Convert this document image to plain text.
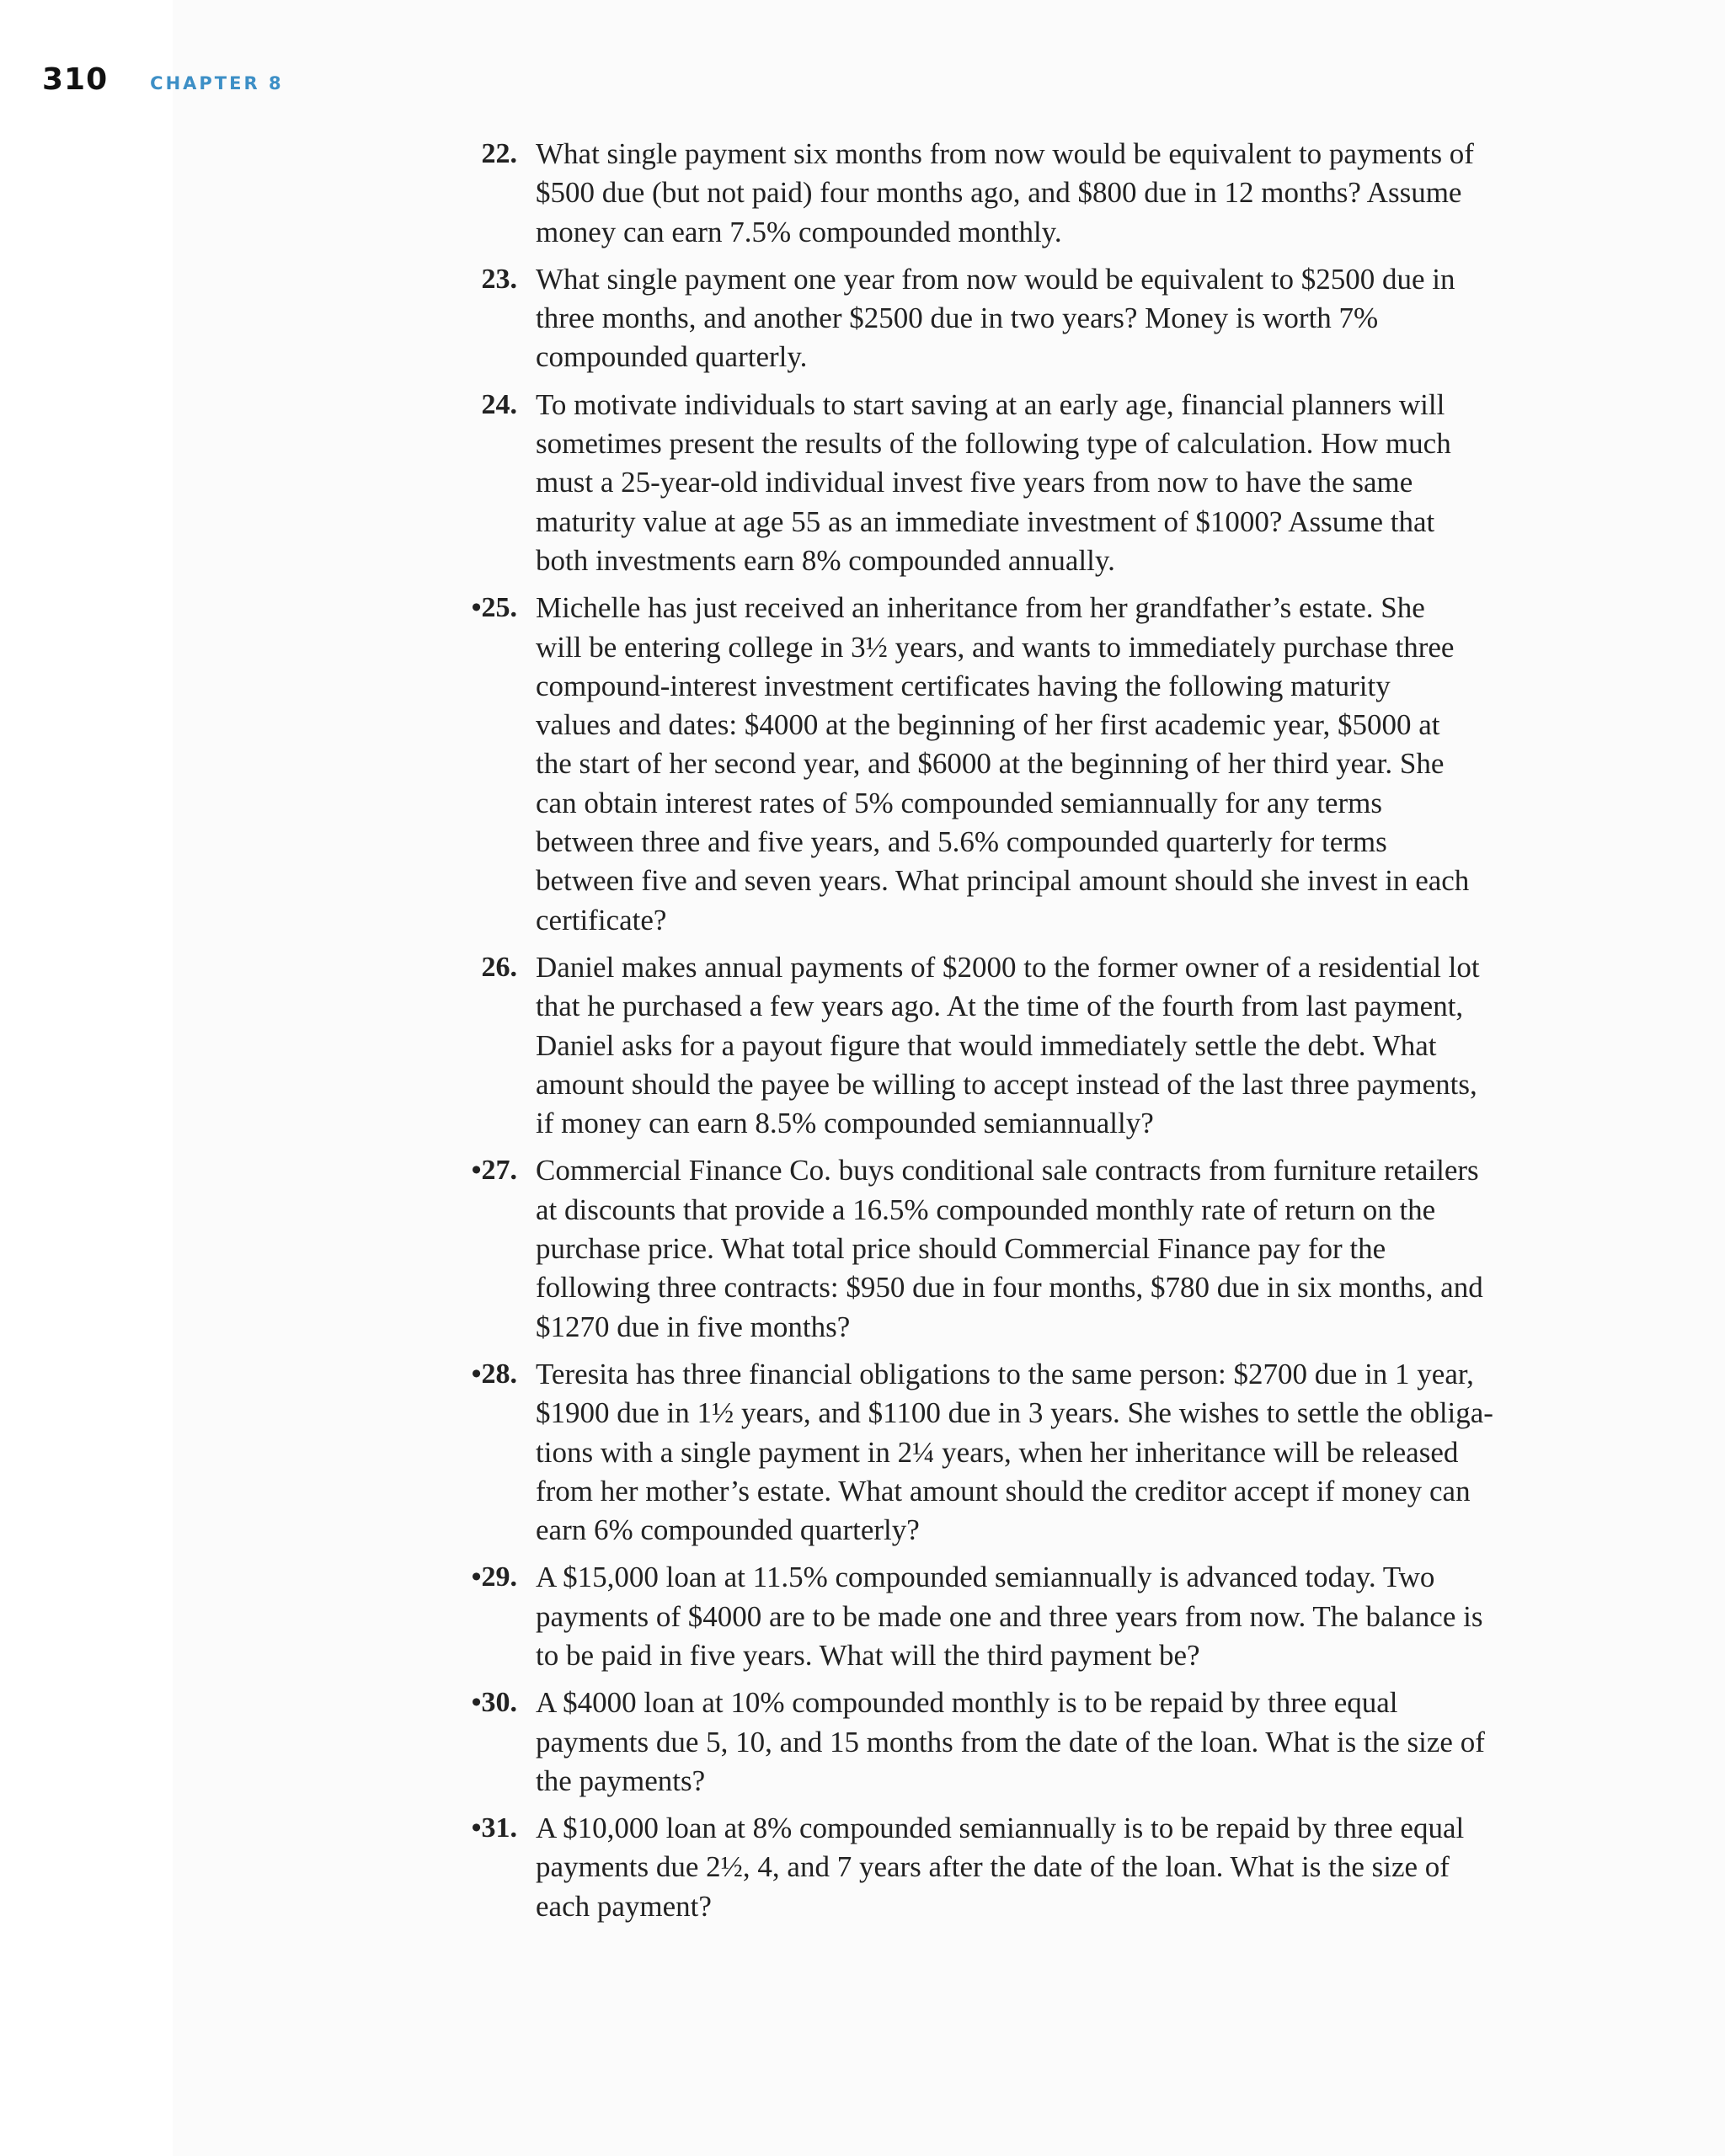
310 CHAPTER 8
22. What single payment six months from now would be equivalent to payments of
$500 due (but not paid) four months ago, and $800 due in 12 months? Assume
money can earn 7.5% compounded monthly.
23. What single payment one year from now would be equivalent to $2500 due in
three months, and another $2500 due in two years? Money is worth 7%
compounded quarterly.
24. To motivate individuals to start saving at an early age, financial planners will
sometimes present the results of the following type of calculation. How much
must a 25-year-old individual invest five years from now to have the same
maturity value at age 55 as an immediate investment of $1000? Assume that
both investments earn 8% compounded annually.
•25. Michelle has just received an inheritance from her grandfather’s estate. She
will be entering college in 3½ years, and wants to immediately purchase three
compound-interest investment certificates having the following maturity
values and dates: $4000 at the beginning of her first academic year, $5000 at
the start of her second year, and $6000 at the beginning of her third year. She
can obtain interest rates of 5% compounded semiannually for any terms
between three and five years, and 5.6% compounded quarterly for terms
between five and seven years. What principal amount should she invest in each
certificate?
26. Daniel makes annual payments of $2000 to the former owner of a residential lot
that he purchased a few years ago. At the time of the fourth from last payment,
Daniel asks for a payout figure that would immediately settle the debt. What
amount should the payee be willing to accept instead of the last three payments,
if money can earn 8.5% compounded semiannually?
•27. Commercial Finance Co. buys conditional sale contracts from furniture retailers
at discounts that provide a 16.5% compounded monthly rate of return on the
purchase price. What total price should Commercial Finance pay for the
following three contracts: $950 due in four months, $780 due in six months, and
$1270 due in five months?
•28. Teresita has three financial obligations to the same person: $2700 due in 1 year,
$1900 due in 1½ years, and $1100 due in 3 years. She wishes to settle the obliga-
tions with a single payment in 2¼ years, when her inheritance will be released
from her mother’s estate. What amount should the creditor accept if money can
earn 6% compounded quarterly?
•29. A $15,000 loan at 11.5% compounded semiannually is advanced today. Two
payments of $4000 are to be made one and three years from now. The balance is
to be paid in five years. What will the third payment be?
•30. A $4000 loan at 10% compounded monthly is to be repaid by three equal
payments due 5, 10, and 15 months from the date of the loan. What is the size of
the payments?
•31. A $10,000 loan at 8% compounded semiannually is to be repaid by three equal
payments due 2½, 4, and 7 years after the date of the loan. What is the size of
each payment?
